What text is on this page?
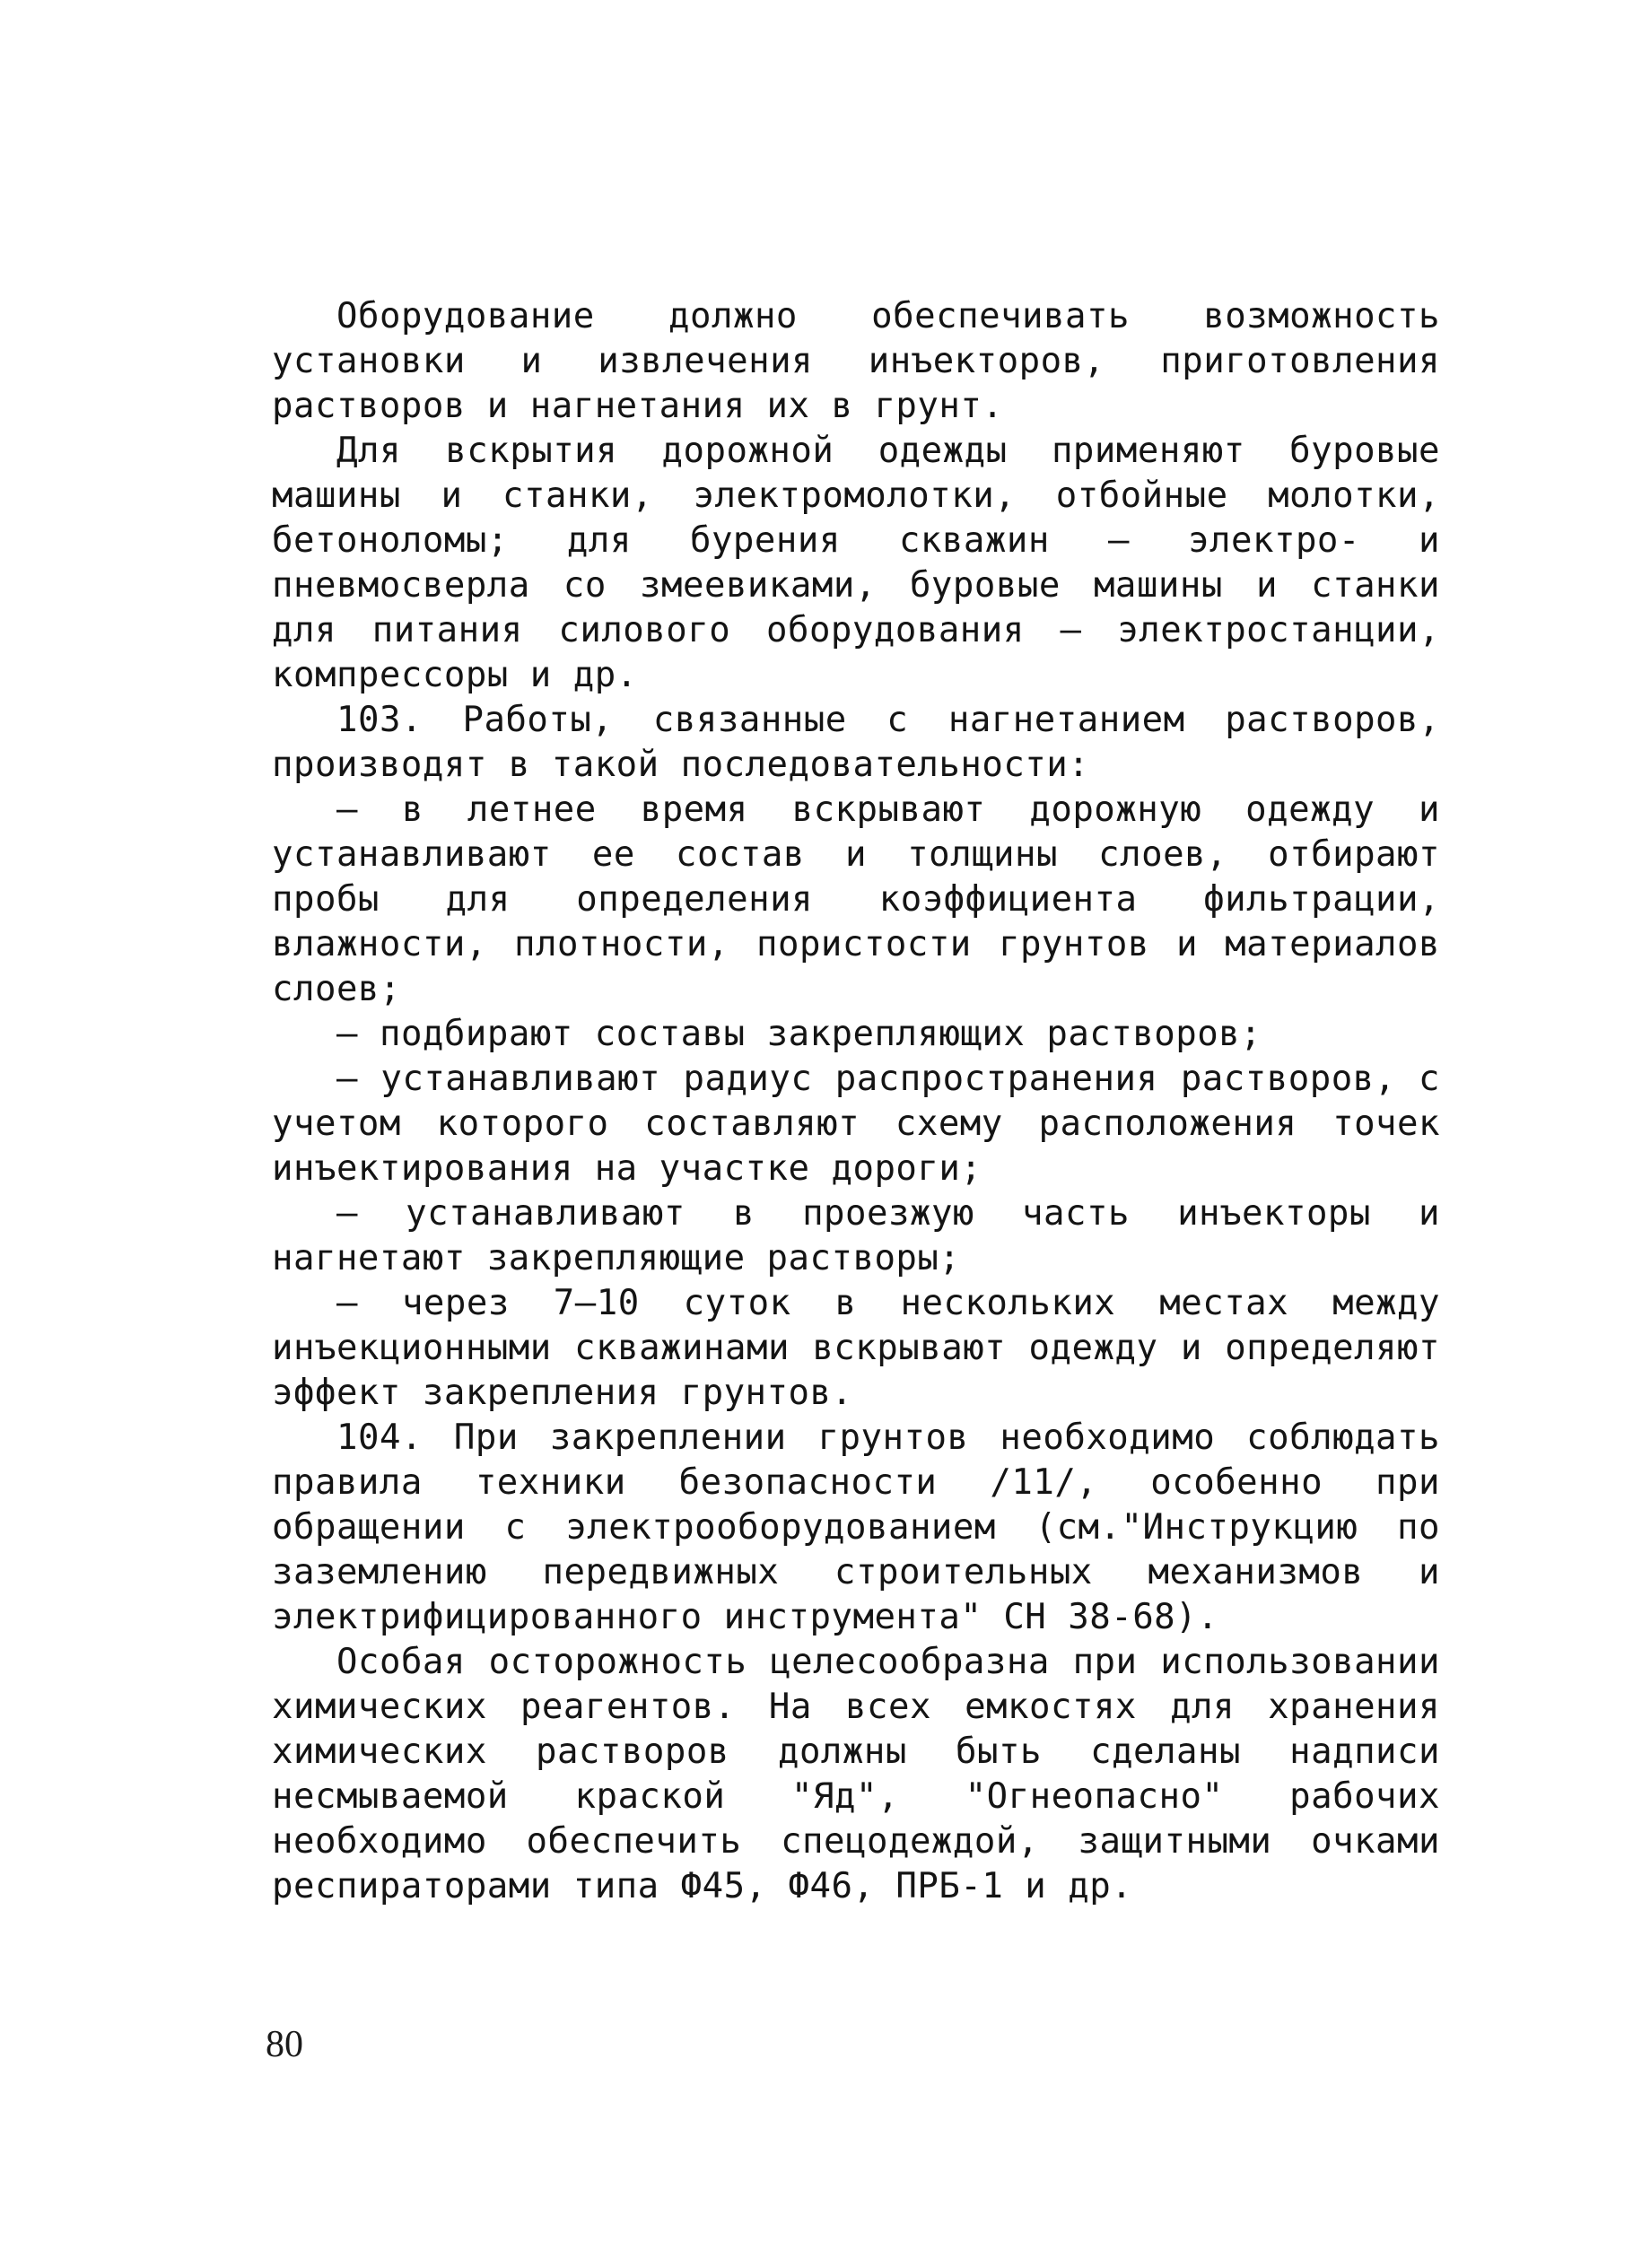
Оборудование должно обеспечивать возможность установки и извлечения инъекторов, приготовления растворов и нагнетания их в грунт.

Для вскрытия дорожной одежды применяют буровые машины и станки, электромолотки, отбойные молотки, бетоноломы; для бурения скважин – электро- и пневмосверла со змеевиками, буровые машины и станки для питания силового оборудования – электростанции, компрессоры и др.

103. Работы, связанные с нагнетанием растворов, производят в такой последовательности:

– в летнее время вскрывают дорожную одежду и устанавливают ее состав и толщины слоев, отбирают пробы для определения коэффициента фильтрации, влажности, плотности, пористости грунтов и материалов слоев;

– подбирают составы закрепляющих растворов;

– устанавливают радиус распространения растворов, с учетом которого составляют схему расположения точек инъектирования на участке дороги;

– устанавливают в проезжую часть инъекторы и нагнетают закрепляющие растворы;

– через 7–10 суток в нескольких местах между инъекционными скважинами вскрывают одежду и определяют эффект закрепления грунтов.

104. При закреплении грунтов необходимо соблюдать правила техники безопасности /11/, особенно при обращении с электрооборудованием (см."Инструкцию по заземлению передвижных строительных механизмов и электрифицированного инструмента" СН 38-68).

Особая осторожность целесообразна при использовании химических реагентов. На всех емкостях для хранения химических растворов должны быть сделаны надписи несмываемой краской "Яд", "Огнеопасно" рабочих необходимо обеспечить спецодеждой, защитными очками респираторами типа Ф45, Ф46, ПРБ-1 и др.

80
